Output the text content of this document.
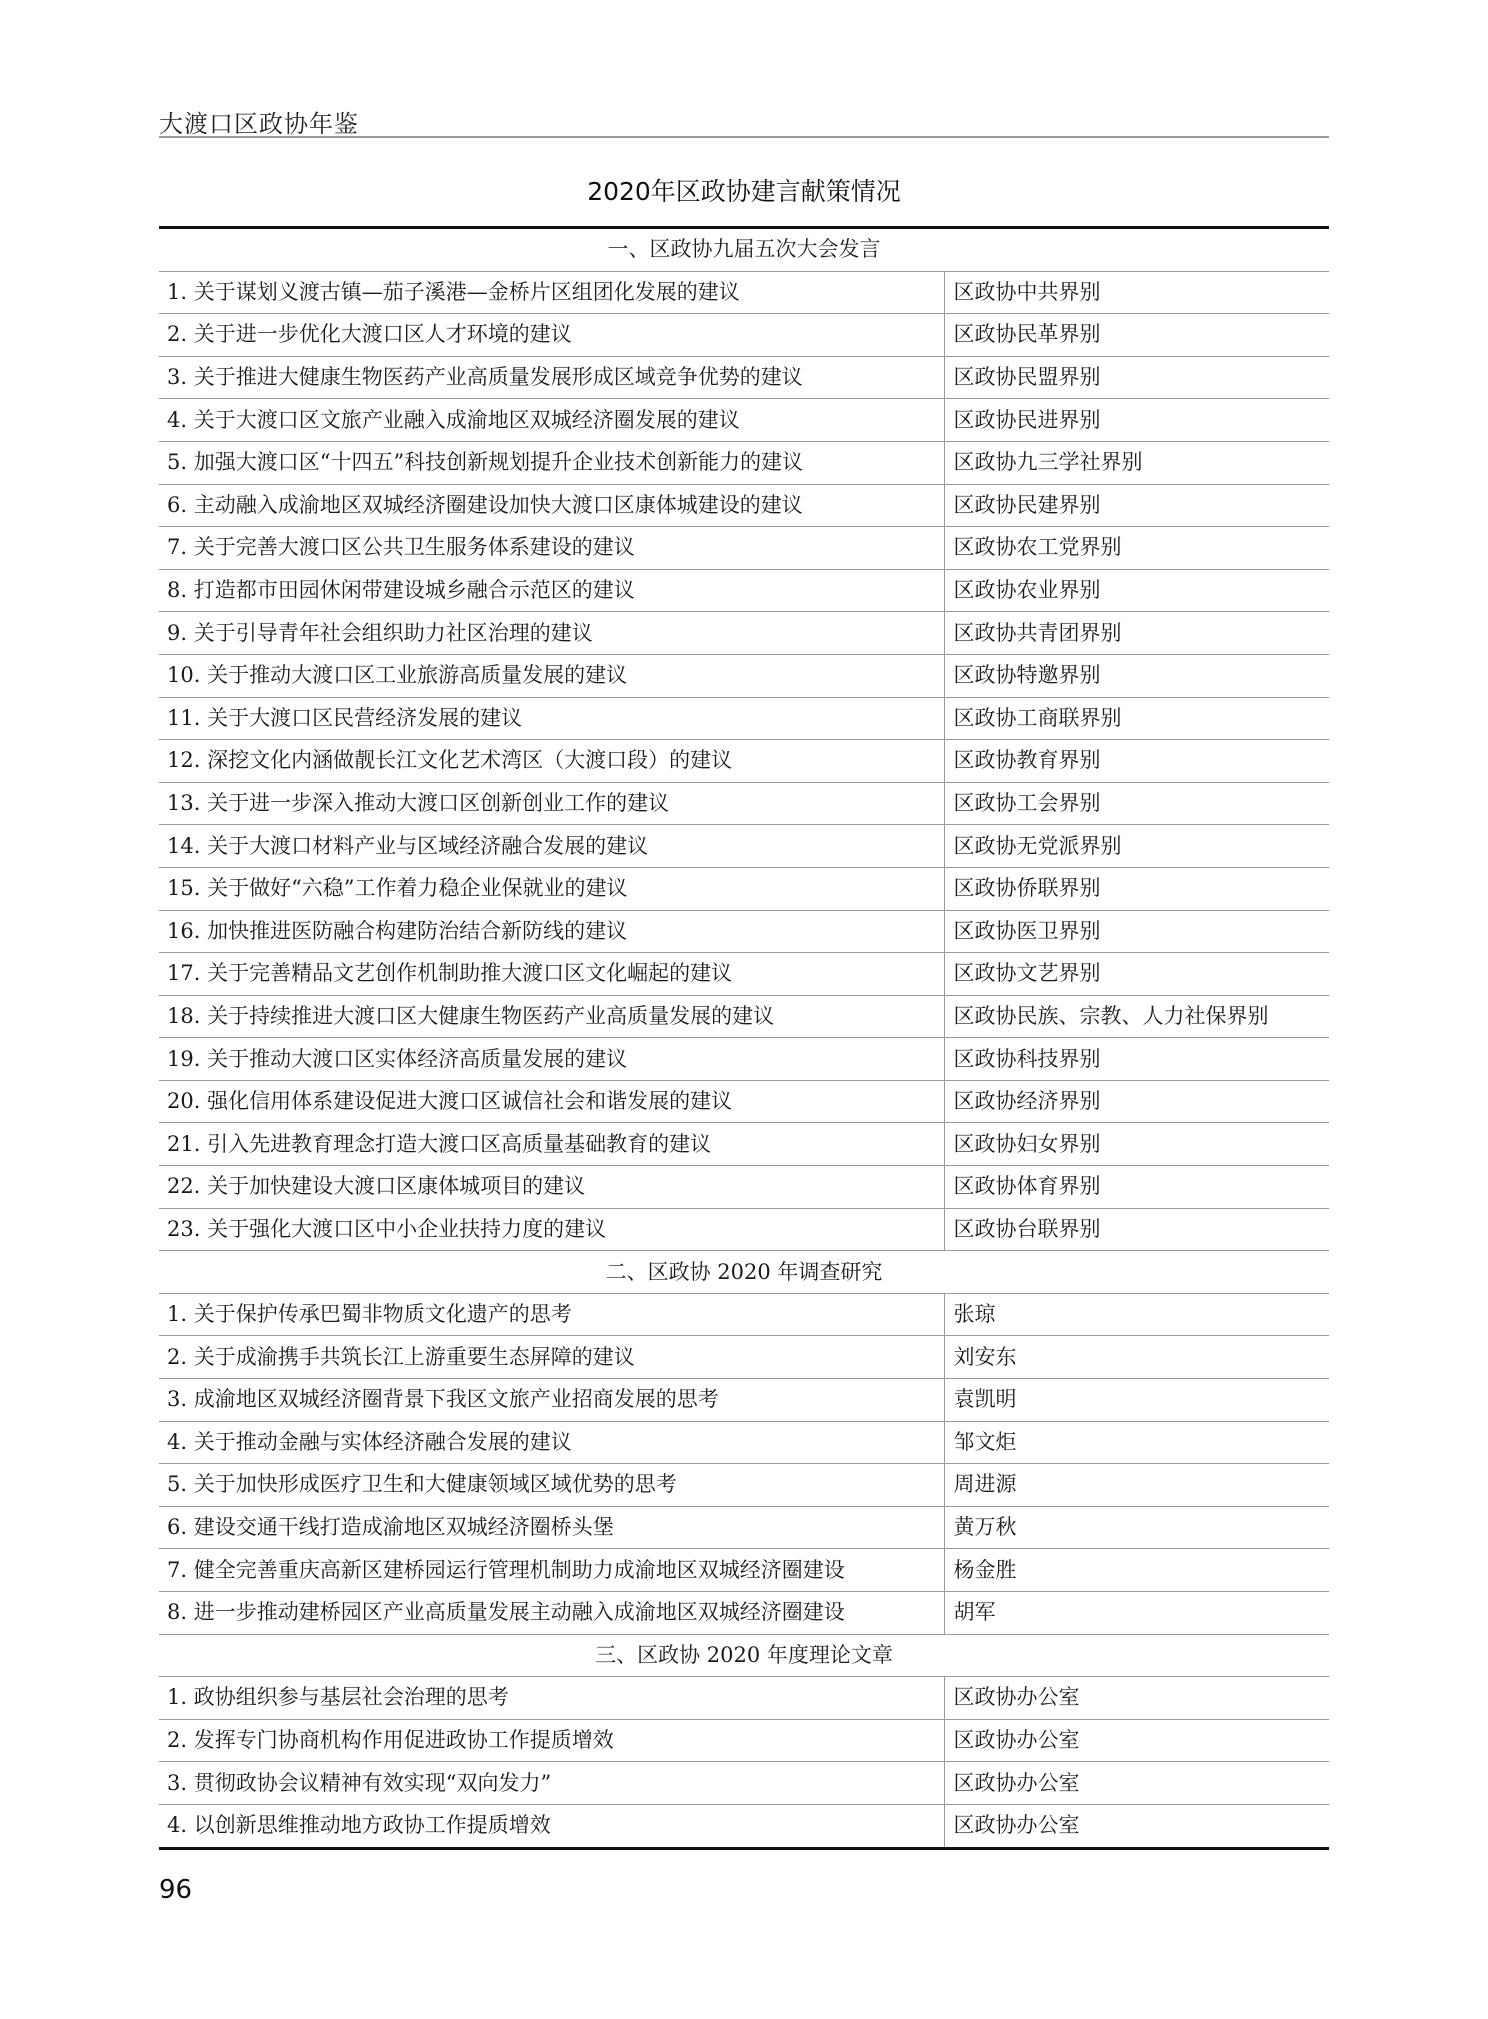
大渡口区政协年鉴
2020年区政协建言献策情况
一、区政协九届五次大会发言	
1. 关于谋划义渡古镇—茄子溪港—金桥片区组团化发展的建议	区政协中共界别
2. 关于进一步优化大渡口区人才环境的建议	区政协民革界别
3. 关于推进大健康生物医药产业高质量发展形成区域竞争优势的建议	区政协民盟界别
4. 关于大渡口区文旅产业融入成渝地区双城经济圈发展的建议	区政协民进界别
5. 加强大渡口区“十四五”科技创新规划提升企业技术创新能力的建议	区政协九三学社界别
6. 主动融入成渝地区双城经济圈建设加快大渡口区康体城建设的建议	区政协民建界别
7. 关于完善大渡口区公共卫生服务体系建设的建议	区政协农工党界别
8. 打造都市田园休闲带建设城乡融合示范区的建议	区政协农业界别
9. 关于引导青年社会组织助力社区治理的建议	区政协共青团界别
10. 关于推动大渡口区工业旅游高质量发展的建议	区政协特邀界别
11. 关于大渡口区民营经济发展的建议	区政协工商联界别
12. 深挖文化内涵做靓长江文化艺术湾区（大渡口段）的建议	区政协教育界别
13. 关于进一步深入推动大渡口区创新创业工作的建议	区政协工会界别
14. 关于大渡口材料产业与区域经济融合发展的建议	区政协无党派界别
15. 关于做好“六稳”工作着力稳企业保就业的建议	区政协侨联界别
16. 加快推进医防融合构建防治结合新防线的建议	区政协医卫界别
17. 关于完善精品文艺创作机制助推大渡口区文化崛起的建议	区政协文艺界别
18. 关于持续推进大渡口区大健康生物医药产业高质量发展的建议	区政协民族、宗教、人力社保界别
19. 关于推动大渡口区实体经济高质量发展的建议	区政协科技界别
20. 强化信用体系建设促进大渡口区诚信社会和谐发展的建议	区政协经济界别
21. 引入先进教育理念打造大渡口区高质量基础教育的建议	区政协妇女界别
22. 关于加快建设大渡口区康体城项目的建议	区政协体育界别
23. 关于强化大渡口区中小企业扶持力度的建议	区政协台联界别
二、区政协 2020 年调查研究	
1. 关于保护传承巴蜀非物质文化遗产的思考	张琼
2. 关于成渝携手共筑长江上游重要生态屏障的建议	刘安东
3. 成渝地区双城经济圈背景下我区文旅产业招商发展的思考	袁凯明
4. 关于推动金融与实体经济融合发展的建议	邹文炬
5. 关于加快形成医疗卫生和大健康领域区域优势的思考	周进源
6. 建设交通干线打造成渝地区双城经济圈桥头堡	黄万秋
7. 健全完善重庆高新区建桥园运行管理机制助力成渝地区双城经济圈建设	杨金胜
8. 进一步推动建桥园区产业高质量发展主动融入成渝地区双城经济圈建设	胡军
三、区政协 2020 年度理论文章	
1. 政协组织参与基层社会治理的思考	区政协办公室
2. 发挥专门协商机构作用促进政协工作提质增效	区政协办公室
3. 贯彻政协会议精神有效实现“双向发力”	区政协办公室
4. 以创新思维推动地方政协工作提质增效	区政协办公室
96
